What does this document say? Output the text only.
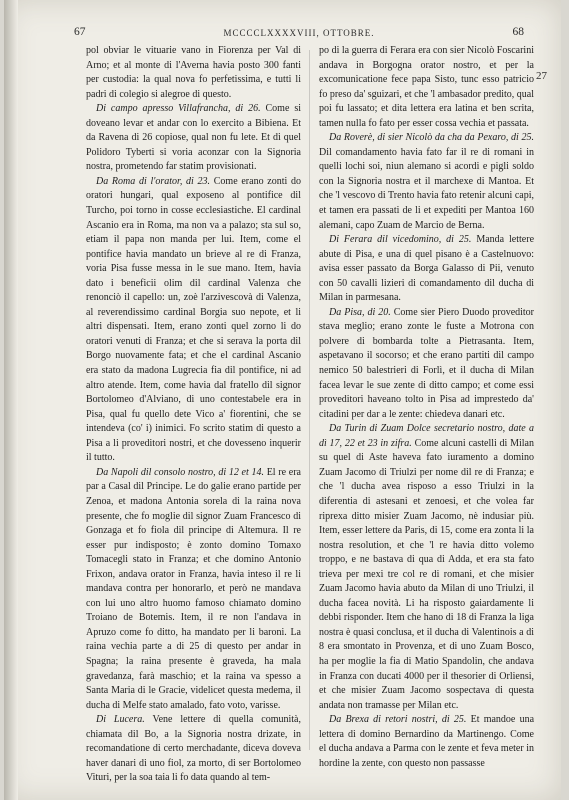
67	MCCCCLXXXXVIII, OTTOBRE.	68

pol obviar le vituarie vano in Fiorenza per Val di Arno; et al monte di l'Averna havia posto 300 fanti per custodia: la qual nova fo perfetissima, e tutti li padri di colegio si alegroe di questo.

Di campo apresso Villafrancha, di 26. Come si doveano levar et andar con lo exercito a Bibiena. Et da Ravena di 26 copiose, qual non fu lete. Et di quel Polidoro Tyberti si voria aconzar con la Signoria nostra, prometendo far statim provisionati.

Da Roma di l'orator, di 23. Come erano zonti do oratori hungari, qual exposeno al pontifice dil Turcho, poi torno in cosse ecclesiastiche. El cardinal Ascanio era in Roma, ma non va a palazo; sta sul so, etiam il papa non manda per lui. Item, come el pontifice havia mandato un brieve al re di Franza, voria Pisa fusse messa in le sue mano. Item, havia dato i beneficii olim dil cardinal Valenza che renonciò il capello: un, zoè l'arzivescovà di Valenza, al reverendissimo cardinal Borgia suo nepote, et li altri dispensati. Item, erano zonti quel zorno li do oratori venuti di Franza; et che si serava la porta dil Borgo nuovamente fata; et che el cardinal Ascanio era stato da madona Lugrecia fia dil pontifice, ni ad altro atende. Item, come havia dal fratello dil signor Bortolomeo d'Alviano, di uno contestabele era in Pisa, qual fu quello dete Vico a' fiorentini, che se intendeva (co' i) inimici. Fo scrito statim di questo a Pisa a li proveditori nostri, et che dovesseno inquerir il tutto.

Da Napoli dil consolo nostro, di 12 et 14. El re era par a Casal dil Principe. Le do galie erano partide per Zenoa, et madona Antonia sorela di la raina nova presente, che fo moglie dil signor Zuam Francesco di Gonzaga et fo fiola dil principe di Altemura. Il re esser pur indisposto; è zonto domino Tomaxo Tomacegli stato in Franza; et che domino Antonio Frixon, andava orator in Franza, havia inteso il re li mandava contra per honorarlo, et però ne mandava con lui uno altro huomo famoso chiamato domino Troiano de Botemis. Item, il re non l'andava in Apruzo come fo ditto, ha mandato per li baroni. La raina vechia parte a di 25 di questo per andar in Spagna; la raina presente è graveda, ha mala gravedanza, farà maschio; et la raina va spesso a Santa Maria di le Gracie, videlicet questa medema, il ducha di Melfe stato amalado, fato voto, varisse.

Di Lucera. Vene lettere di quella comunità, chiamata dil Bo, a la Signoria nostra drizate, in recomandatione di certo merchadante, diceva doveva haver danari di uno fiol, za morto, di ser Bortolomeo Vituri, per la soa taia li fo data quando al tem-

po di la guerra di Ferara era con sier Nicolò Foscarini andava in Borgogna orator nostro, et per la excomunicatione fece papa Sisto, tunc esso patricio fo preso da' sguizari, et che 'l ambasador predito, qual poi fu lassato; et dita lettera era latina et ben scrita, tamen nulla fo fato per esser cossa vechia et passata.

Da Roverè, di sier Nicolò da cha da Pexaro, di 25. Dil comandamento havia fato far il re di romani in quelli lochi soi, niun alemano si acordi e pigli soldo con la Signoria nostra et il marchexe di Mantoa. Et che 'l vescovo di Trento havia fato retenir alcuni capi, et tamen era passati de li et expediti per Mantoa 160 alemani, capo Zuam de Marcio de Berna.

Di Ferara dil vicedomino, di 25. Manda lettere abute di Pisa, e una di quel pisano è a Castelnuovo: avisa esser passato da Borga Galasso di Pii, venuto con 50 cavalli lizieri di comandamento dil ducha di Milan in parmesana.

Da Pisa, di 20. Come sier Piero Duodo proveditor stava meglio; erano zonte le fuste a Motrona con polvere di bombarda tolte a Pietrasanta. Item, aspetavano il socorso; et che erano partiti dil campo nemico 50 balestrieri di Forlì, et il ducha di Milan facea levar le sue zente di ditto campo; et come essi proveditori haveano tolto in Pisa ad imprestedo da' citadini per dar a le zente: chiedeva danari etc.

Da Turin di Zuam Dolce secretario nostro, date a dì 17, 22 et 23 in zifra. Come alcuni castelli di Milan su quel di Aste haveva fato iuramento a domino Zuam Jacomo di Triulzi per nome dil re di Franza; e che 'l ducha avea risposo a esso Triulzi in la diferentia di astesani et zenoesi, et che volea far riprexa ditto misier Zuam Jacomo, nè indusiar più. Item, esser lettere da Paris, di 15, come era zonta li la nostra resolution, et che 'l re havia ditto volemo troppo, e ne bastava di qua di Adda, et era sta fato trieva per mexi tre col re di romani, et che misier Zuam Jacomo havia abuto da Milan di uno Triulzi, il ducha facea novità. Li ha risposto gaiardamente li debbi risponder. Item che hano di 18 di Franza la liga nostra è quasi conclusa, et il ducha di Valentinois a di 8 era smontato in Provenza, et di uno Zuam Bosco, ha per moglie la fia di Matio Spandolin, che andava in Franza con ducati 4000 per il thesorier di Orliensi, et che misier Zuam Jacomo sospectava di questa andata non tramasse per Milan etc.

Da Brexa di retori nostri, di 25. Et mandoe una lettera di domino Bernardino da Martinengo. Come el ducha andava a Parma con le zente et feva meter in hordine la zente, con questo non passasse

27
